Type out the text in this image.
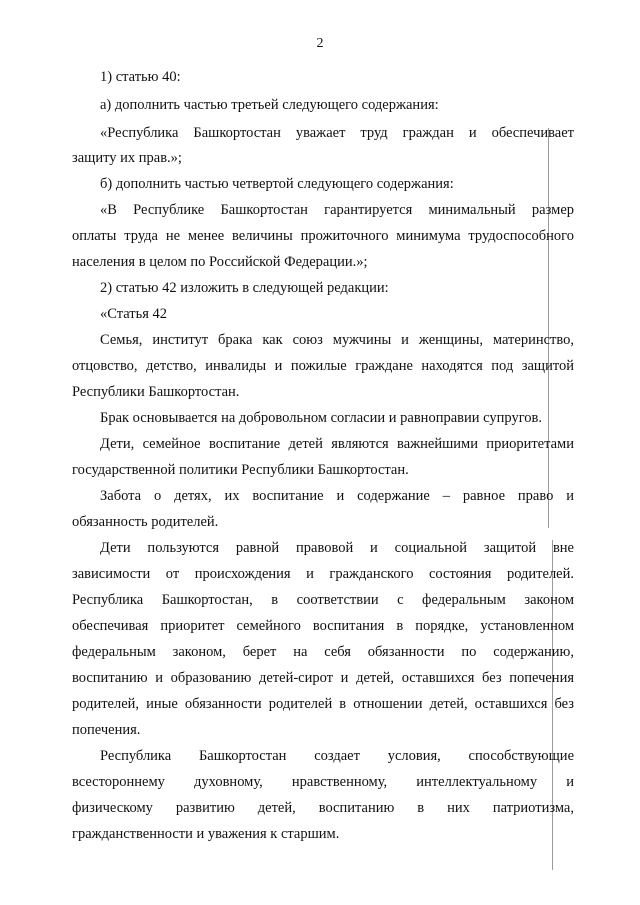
2
1) статью 40:
а) дополнить частью третьей следующего содержания:
«Республика Башкортостан уважает труд граждан и обеспечивает
защиту их прав.»;
б) дополнить частью четвертой следующего содержания:
«В Республике Башкортостан гарантируется минимальный размер
оплаты труда не менее величины прожиточного минимума трудоспособного
населения в целом по Российской Федерации.»;
2) статью 42 изложить в следующей редакции:
«Статья 42
Семья, институт брака как союз мужчины и женщины, материнство,
отцовство, детство, инвалиды и пожилые граждане находятся под защитой
Республики Башкортостан.
Брак основывается на добровольном согласии и равноправии супругов.
Дети, семейное воспитание детей являются важнейшими приоритетами
государственной политики Республики Башкортостан.
Забота о детях, их воспитание и содержание – равное право и
обязанность родителей.
Дети пользуются равной правовой и социальной защитой вне
зависимости от происхождения и гражданского состояния родителей.
Республика Башкортостан, в соответствии с федеральным законом
обеспечивая приоритет семейного воспитания в порядке, установленном
федеральным законом, берет на себя обязанности по содержанию,
воспитанию и образованию детей-сирот и детей, оставшихся без попечения
родителей, иные обязанности родителей в отношении детей, оставшихся без
попечения.
Республика Башкортостан создает условия, способствующие
всестороннему духовному, нравственному, интеллектуальному и
физическому развитию детей, воспитанию в них патриотизма,
гражданственности и уважения к старшим.
